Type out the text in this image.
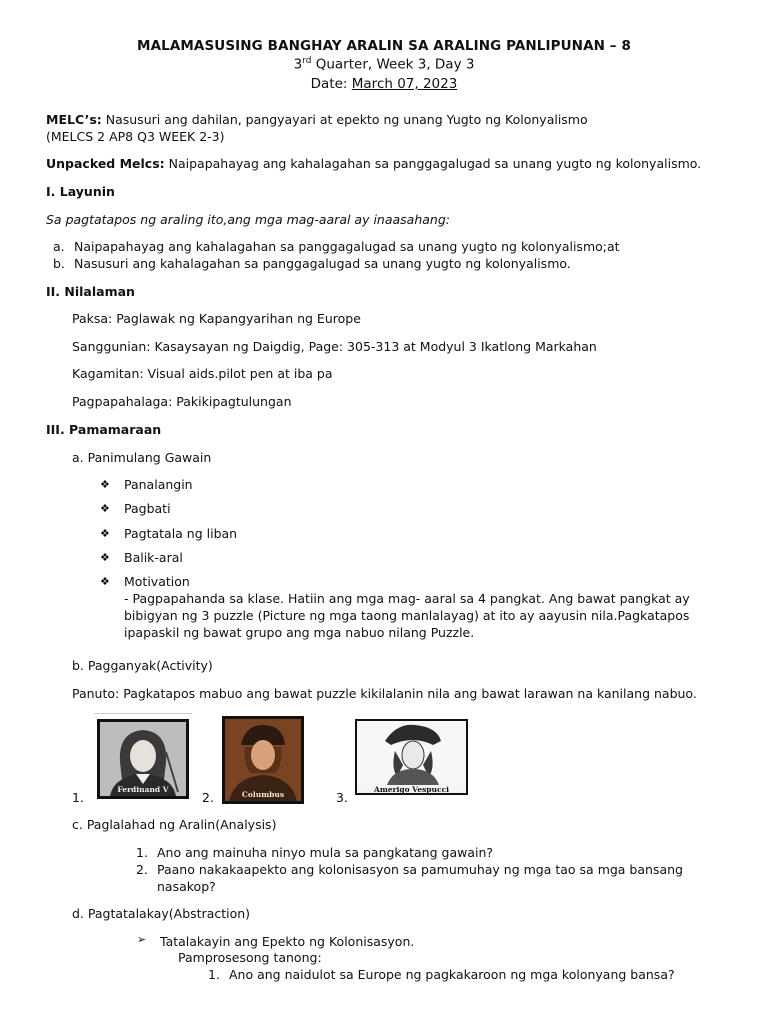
MALAMASUSING BANGHAY ARALIN SA ARALING PANLIPUNAN – 8
3rd Quarter, Week 3, Day 3
Date: March 07, 2023
MELC’s: Nasusuri ang dahilan, pangyayari at epekto ng unang Yugto ng Kolonyalismo
(MELCS 2 AP8 Q3 WEEK 2-3)
Unpacked Melcs: Naipapahayag ang kahalagahan sa panggagalugad sa unang yugto ng kolonyalismo.
I. Layunin
Sa pagtatapos ng araling ito,ang mga mag-aaral ay inaasahang:
a. Naipapahayag ang kahalagahan sa panggagalugad sa unang yugto ng kolonyalismo;at
b. Nasusuri ang kahalagahan sa panggagalugad sa unang yugto ng kolonyalismo.
II. Nilalaman
Paksa: Paglawak ng Kapangyarihan ng Europe
Sanggunian: Kasaysayan ng Daigdig, Page: 305-313 at Modyul 3 Ikatlong Markahan
Kagamitan: Visual aids.pilot pen at iba pa
Pagpapahalaga: Pakikipagtulungan
III. Pamamaraan
a. Panimulang Gawain
❖ Panalangin
❖ Pagbati
❖ Pagtatala ng liban
❖ Balik-aral
❖ Motivation
- Pagpapahanda sa klase. Hatiin ang mga mag- aaral sa 4 pangkat. Ang bawat pangkat ay
bibigyan ng 3 puzzle (Picture ng mga taong manlalayag) at ito ay aayusin nila.Pagkatapos
ipapaskil ng bawat grupo ang mga nabuo nilang Puzzle.
b. Pagganyak(Activity)
Panuto: Pagkatapos mabuo ang bawat puzzle kikilalanin nila ang bawat larawan na kanilang nabuo.
1.
Ferdinand V
2.	Columbus	3.
Amerigo Vespucci
c. Paglalahad ng Aralin(Analysis)
1. Ano ang mainuha ninyo mula sa pangkatang gawain?
2. Paano nakakaapekto ang kolonisasyon sa pamumuhay ng mga tao sa mga bansang
nasakop?
d. Pagtatalakay(Abstraction)
➢ Tatalakayin ang Epekto ng Kolonisasyon.
Pamprosesong tanong:
1. Ano ang naidulot sa Europe ng pagkakaroon ng mga kolonyang bansa?
